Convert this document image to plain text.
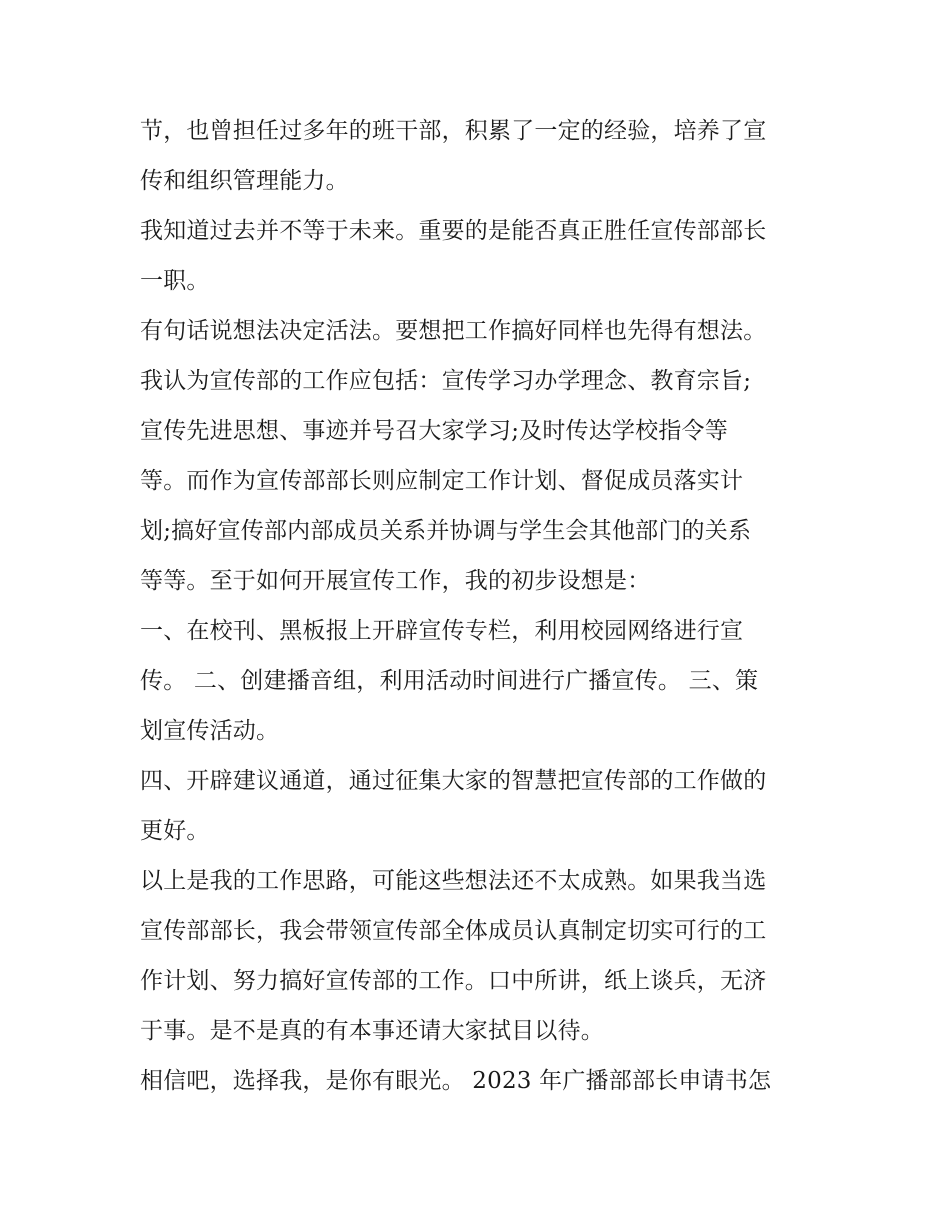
节，也曾担任过多年的班干部，积累了一定的经验，培养了宣
传和组织管理能力。
我知道过去并不等于未来。重要的是能否真正胜任宣传部部长
一职。
有句话说想法决定活法。要想把工作搞好同样也先得有想法。
我认为宣传部的工作应包括：宣传学习办学理念、教育宗旨;
宣传先进思想、事迹并号召大家学习;及时传达学校指令等
等。而作为宣传部部长则应制定工作计划、督促成员落实计
划;搞好宣传部内部成员关系并协调与学生会其他部门的关系
等等。至于如何开展宣传工作，我的初步设想是：
一、在校刊、黑板报上开辟宣传专栏，利用校园网络进行宣
传。 二、创建播音组，利用活动时间进行广播宣传。 三、策
划宣传活动。
四、开辟建议通道，通过征集大家的智慧把宣传部的工作做的
更好。
以上是我的工作思路，可能这些想法还不太成熟。如果我当选
宣传部部长，我会带领宣传部全体成员认真制定切实可行的工
作计划、努力搞好宣传部的工作。口中所讲，纸上谈兵，无济
于事。是不是真的有本事还请大家拭目以待。
相信吧，选择我，是你有眼光。 2023 年广播部部长申请书怎
